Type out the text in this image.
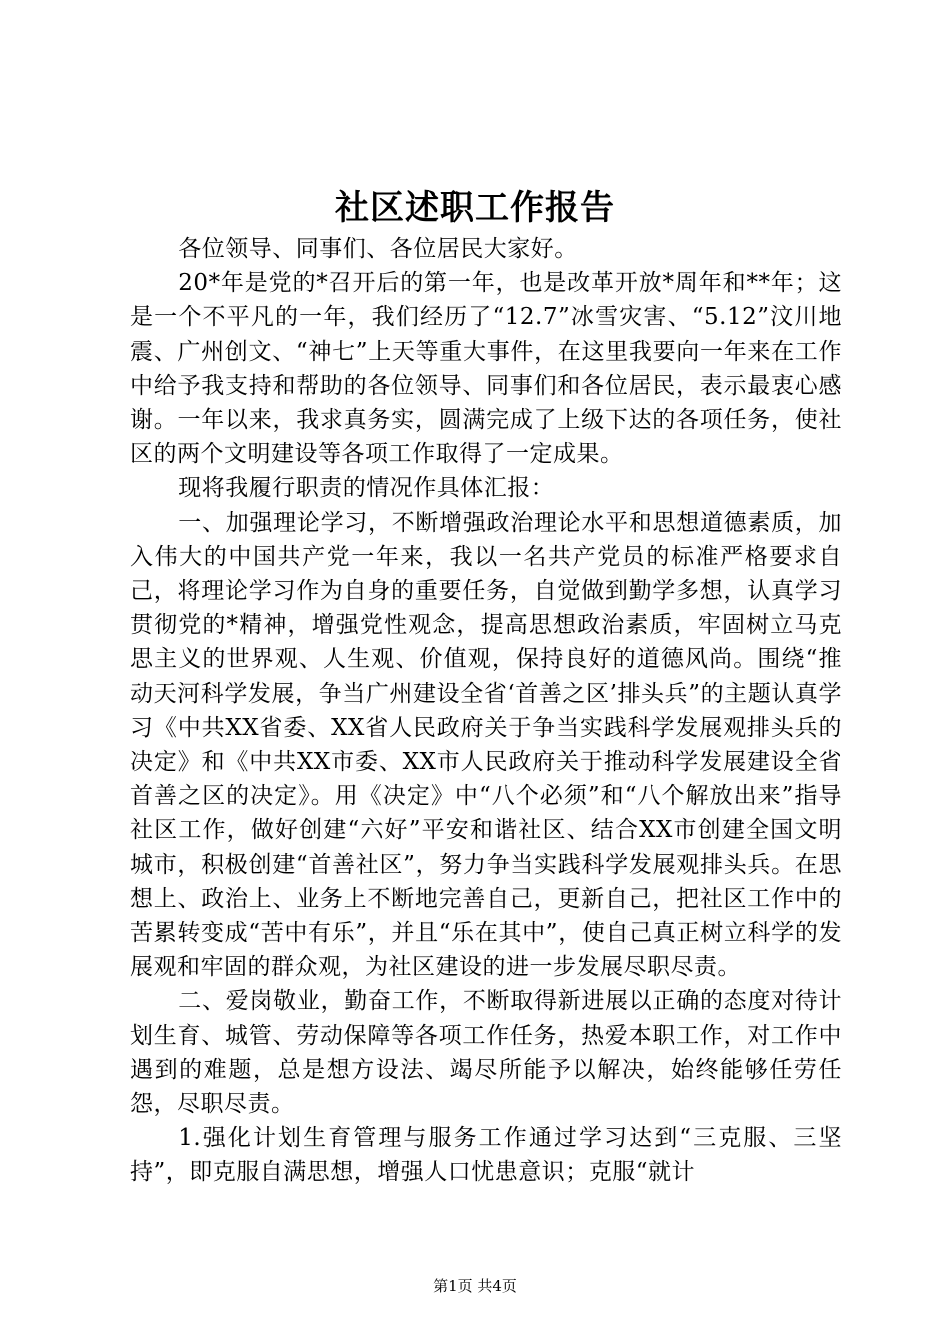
社区述职工作报告

各位领导、同事们、各位居民大家好。

20*年是党的*召开后的第一年，也是改革开放*周年和**年；这是一个不平凡的一年，我们经历了“12.7”冰雪灾害、“5.12”汶川地震、广州创文、“神七”上天等重大事件，在这里我要向一年来在工作中给予我支持和帮助的各位领导、同事们和各位居民，表示最衷心感谢。一年以来，我求真务实，圆满完成了上级下达的各项任务，使社区的两个文明建设等各项工作取得了一定成果。

现将我履行职责的情况作具体汇报：

一、加强理论学习，不断增强政治理论水平和思想道德素质，加入伟大的中国共产党一年来，我以一名共产党员的标准严格要求自己，将理论学习作为自身的重要任务，自觉做到勤学多想，认真学习贯彻党的*精神，增强党性观念，提高思想政治素质，牢固树立马克思主义的世界观、人生观、价值观，保持良好的道德风尚。围绕“推动天河科学发展，争当广州建设全省‘首善之区’排头兵”的主题认真学习《中共XX省委、XX省人民政府关于争当实践科学发展观排头兵的决定》和《中共XX市委、XX市人民政府关于推动科学发展建设全省首善之区的决定》。用《决定》中“八个必须”和“八个解放出来”指导社区工作，做好创建“六好”平安和谐社区、结合XX市创建全国文明城市，积极创建“首善社区”，努力争当实践科学发展观排头兵。在思想上、政治上、业务上不断地完善自己，更新自己，把社区工作中的苦累转变成“苦中有乐”，并且“乐在其中”，使自己真正树立科学的发展观和牢固的群众观，为社区建设的进一步发展尽职尽责。

二、爱岗敬业，勤奋工作，不断取得新进展以正确的态度对待计划生育、城管、劳动保障等各项工作任务，热爱本职工作，对工作中遇到的难题，总是想方设法、竭尽所能予以解决，始终能够任劳任怨，尽职尽责。

1.强化计划生育管理与服务工作通过学习达到“三克服、三坚持”，即克服自满思想，增强人口忧患意识；克服“就计

第1页 共4页
